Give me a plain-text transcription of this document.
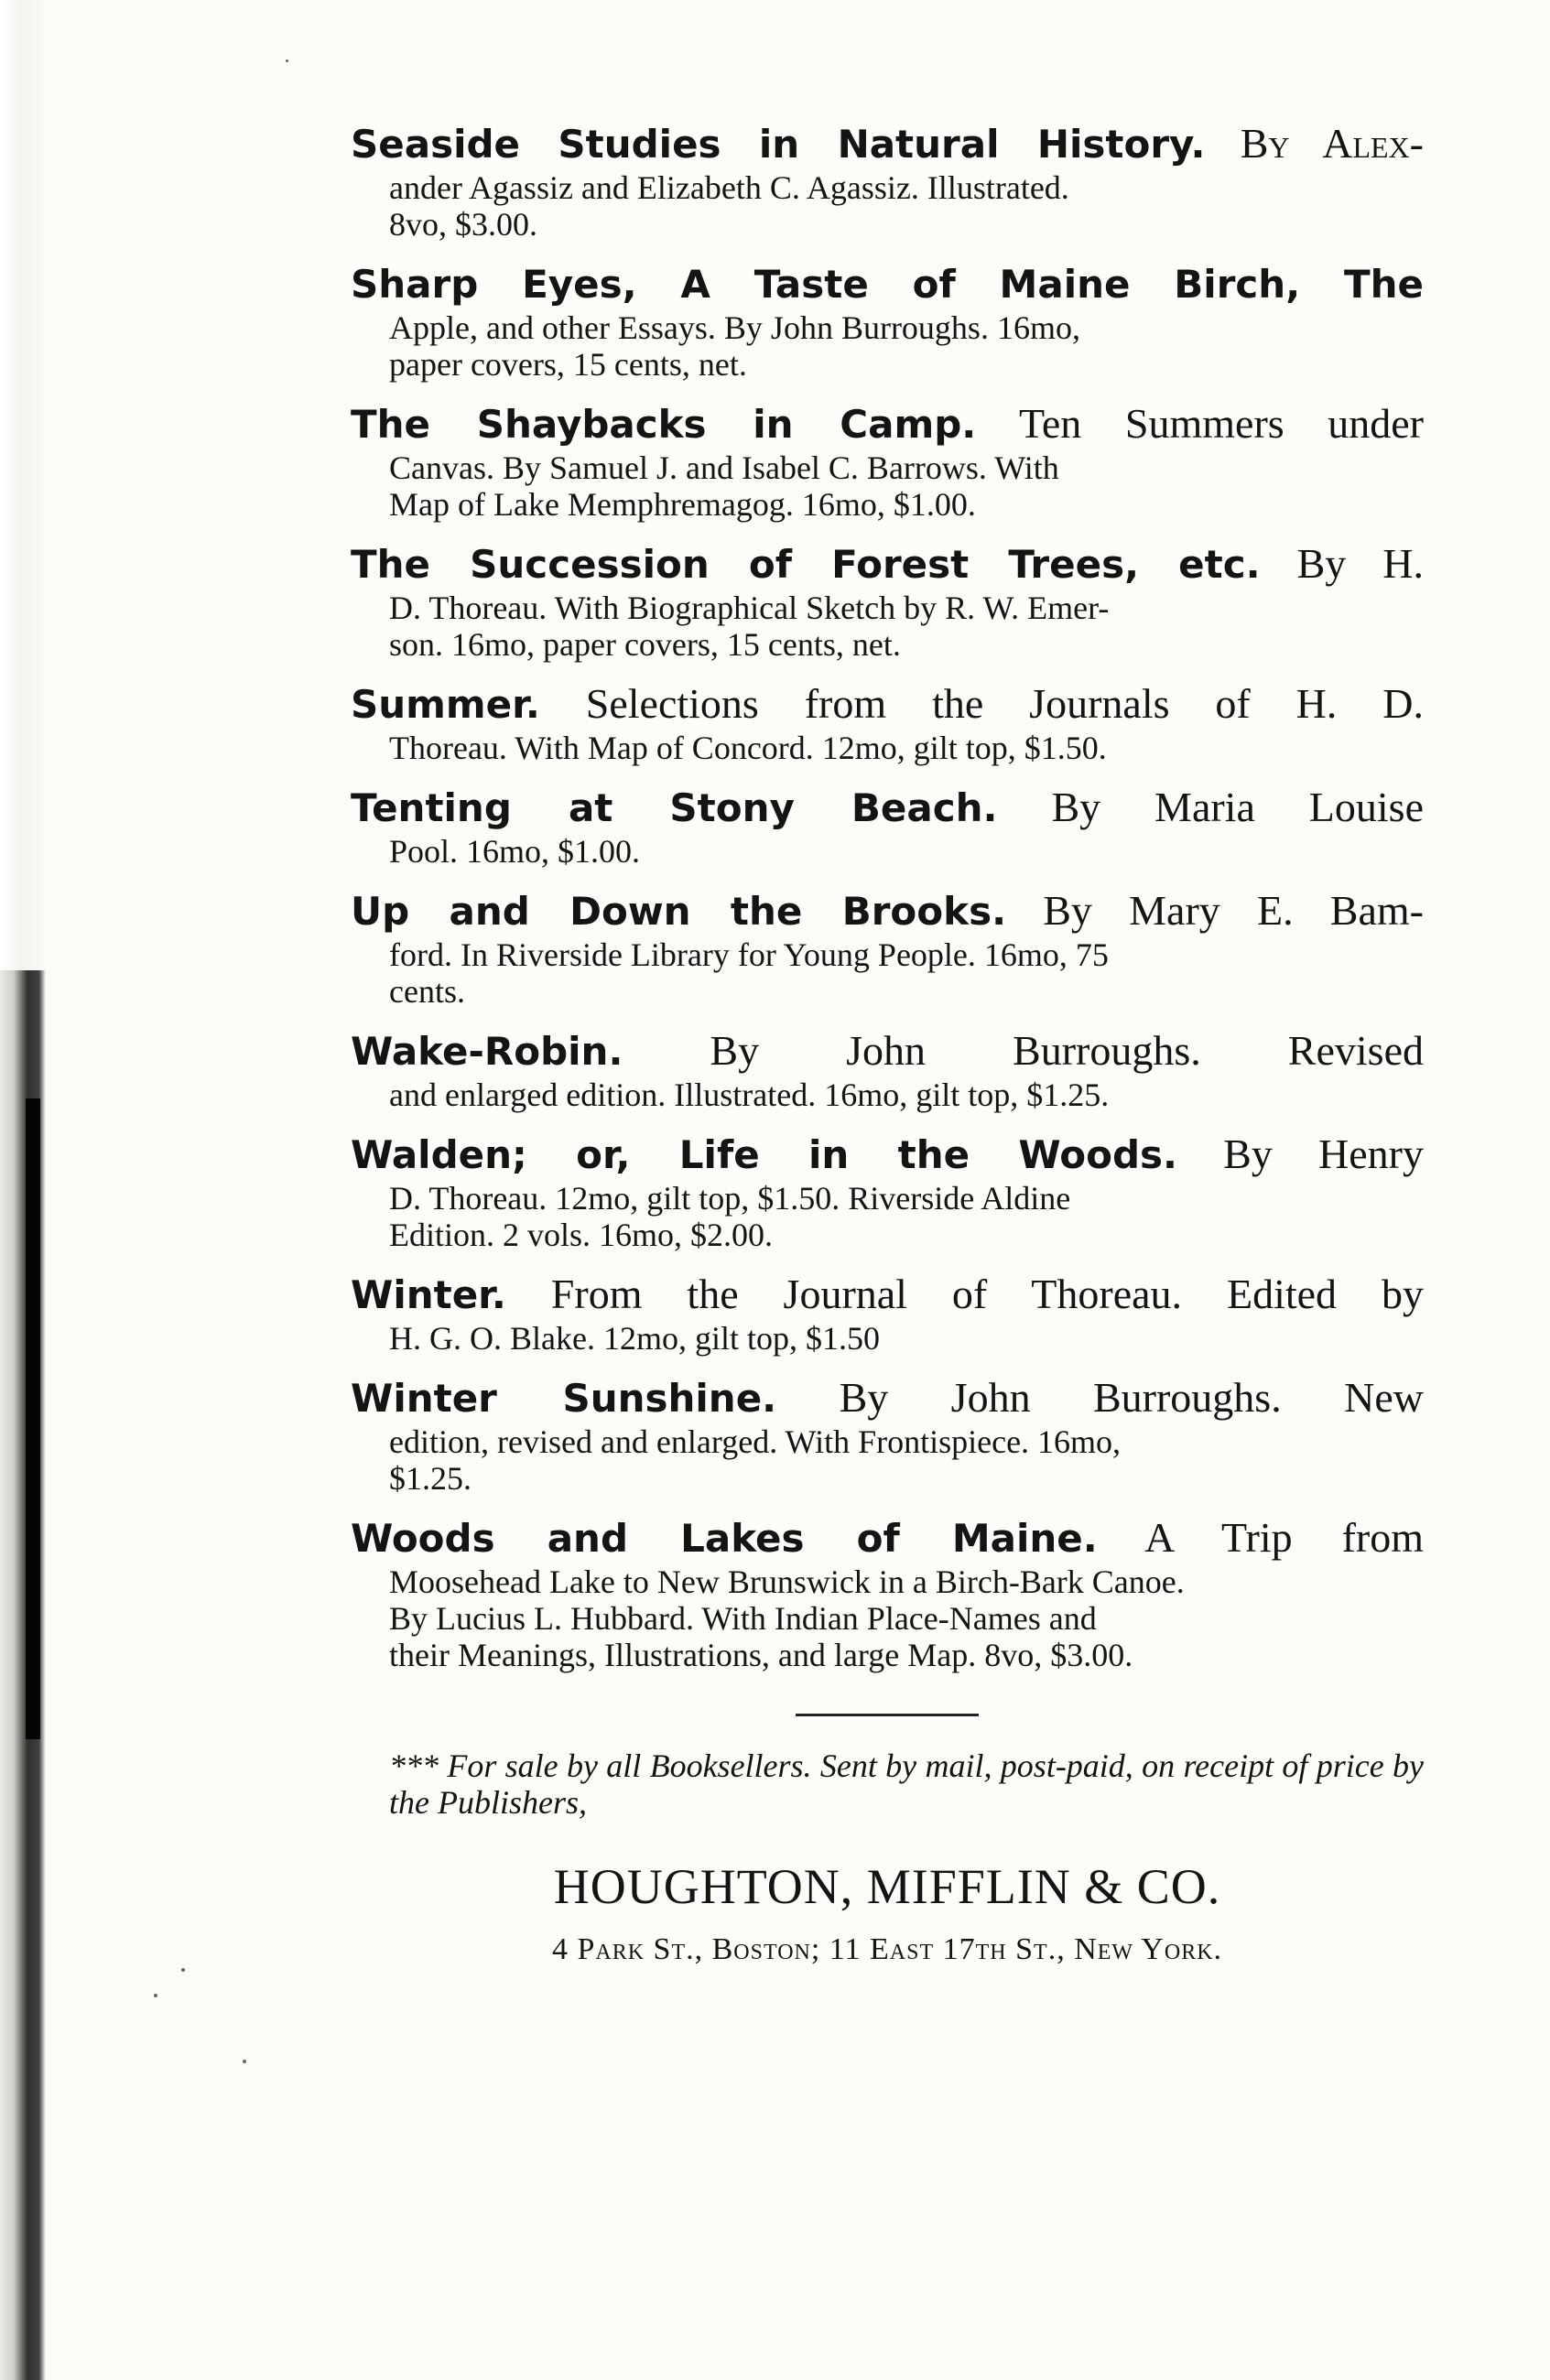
Seaside Studies in Natural History. By Alex-
ander Agassiz and Elizabeth C. Agassiz. Illustrated.
8vo, $3.00.
Sharp Eyes, A Taste of Maine Birch, The
Apple, and other Essays. By John Burroughs. 16mo,
paper covers, 15 cents, net.
The Shaybacks in Camp. Ten Summers under
Canvas. By Samuel J. and Isabel C. Barrows. With
Map of Lake Memphremagog. 16mo, $1.00.
The Succession of Forest Trees, etc. By H.
D. Thoreau. With Biographical Sketch by R. W. Emer-
son. 16mo, paper covers, 15 cents, net.
Summer. Selections from the Journals of H. D.
Thoreau. With Map of Concord. 12mo, gilt top, $1.50.
Tenting at Stony Beach. By Maria Louise
Pool. 16mo, $1.00.
Up and Down the Brooks. By Mary E. Bam-
ford. In Riverside Library for Young People. 16mo, 75
cents.
Wake-Robin. By John Burroughs. Revised
and enlarged edition. Illustrated. 16mo, gilt top, $1.25.
Walden; or, Life in the Woods. By Henry
D. Thoreau. 12mo, gilt top, $1.50. Riverside Aldine
Edition. 2 vols. 16mo, $2.00.
Winter. From the Journal of Thoreau. Edited by
H. G. O. Blake. 12mo, gilt top, $1.50
Winter Sunshine. By John Burroughs. New
edition, revised and enlarged. With Frontispiece. 16mo,
$1.25.
Woods and Lakes of Maine. A Trip from
Moosehead Lake to New Brunswick in a Birch-Bark Canoe.
By Lucius L. Hubbard. With Indian Place-Names and
their Meanings, Illustrations, and large Map. 8vo, $3.00.
*** For sale by all Booksellers. Sent by mail, post-paid, on receipt of price by the Publishers,
HOUGHTON, MIFFLIN & CO.
4 Park St., Boston; 11 East 17th St., New York.
